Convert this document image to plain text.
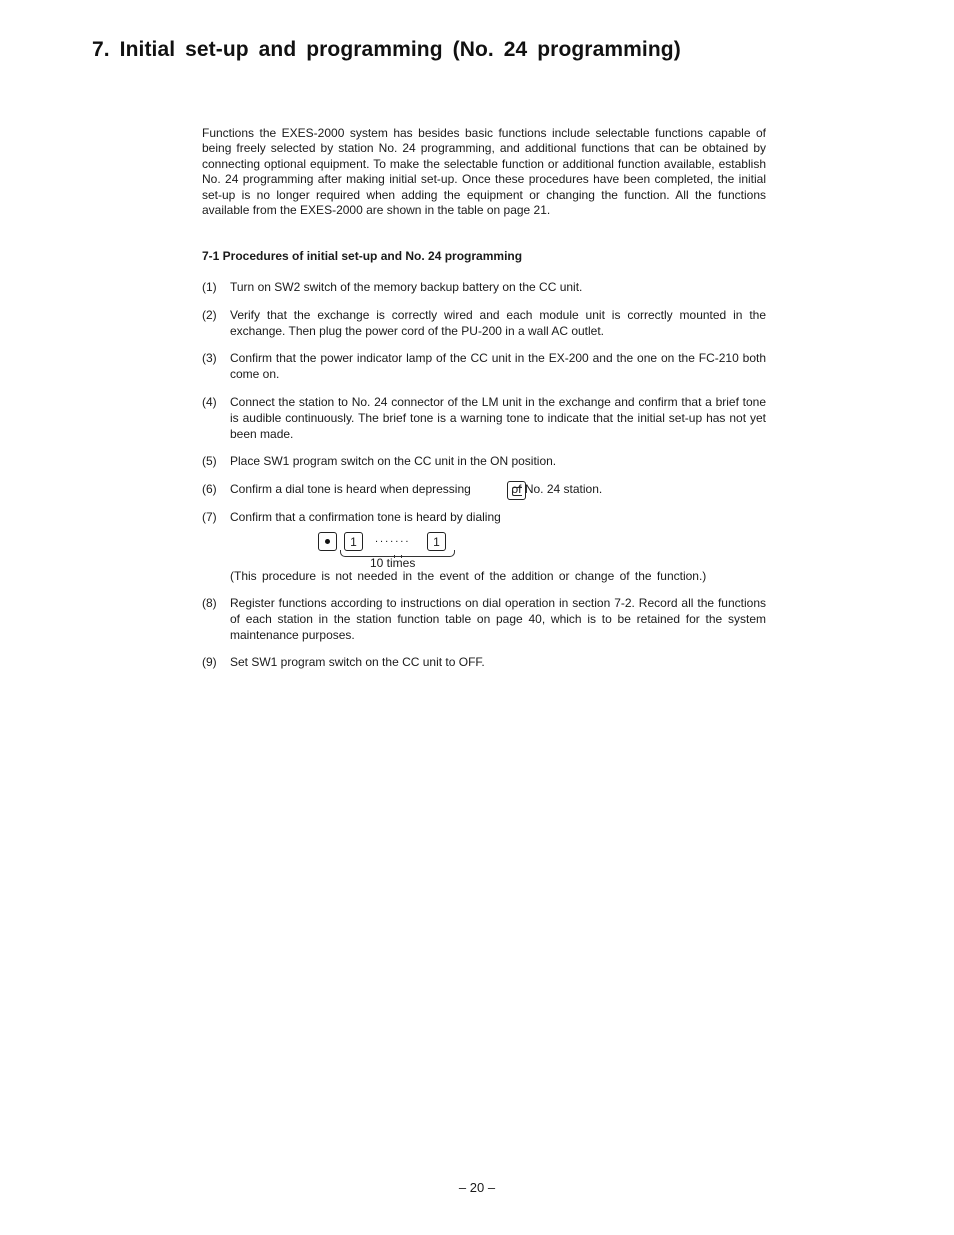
7. Initial set-up and programming (No. 24 programming)

Functions the EXES-2000 system has besides basic functions include selectable functions capable of being freely selected by station No. 24 programming, and additional functions that can be obtained by connecting optional equipment. To make the selectable function or additional function available, establish No. 24 programming after making initial set-up. Once these procedures have been completed, the initial set-up is no longer required when adding the equipment or changing the function. All the functions available from the EXES-2000 are shown in the table on page 21.

7-1 Procedures of initial set-up and No. 24 programming
(1)	Turn on SW2 switch of the memory backup battery on the CC unit.
(2)	Verify that the exchange is correctly wired and each module unit is correctly mounted in the exchange. Then plug the power cord of the PU-200 in a wall AC outlet.
(3)	Confirm that the power indicator lamp of the CC unit in the EX-200 and the one on the FC-210 both come on.
(4)	Connect the station to No. 24 connector of the LM unit in the exchange and confirm that a brief tone is audible continuously. The brief tone is a warning tone to indicate that the initial set-up has not yet been made.
(5)	Place SW1 program switch on the CC unit in the ON position.
(6)	Confirm a dial tone is heard when depressing	of No. 24 station.
(7)	Confirm that a confirmation tone is heard by dialing
1	.......	1
10 times
(This procedure is not needed in the event of the addition or change of the function.)
(8)	Register functions according to instructions on dial operation in section 7-2. Record all the functions of each station in the station function table on page 40, which is to be retained for the system maintenance purposes.
(9)	Set SW1 program switch on the CC unit to OFF.
– 20 –
